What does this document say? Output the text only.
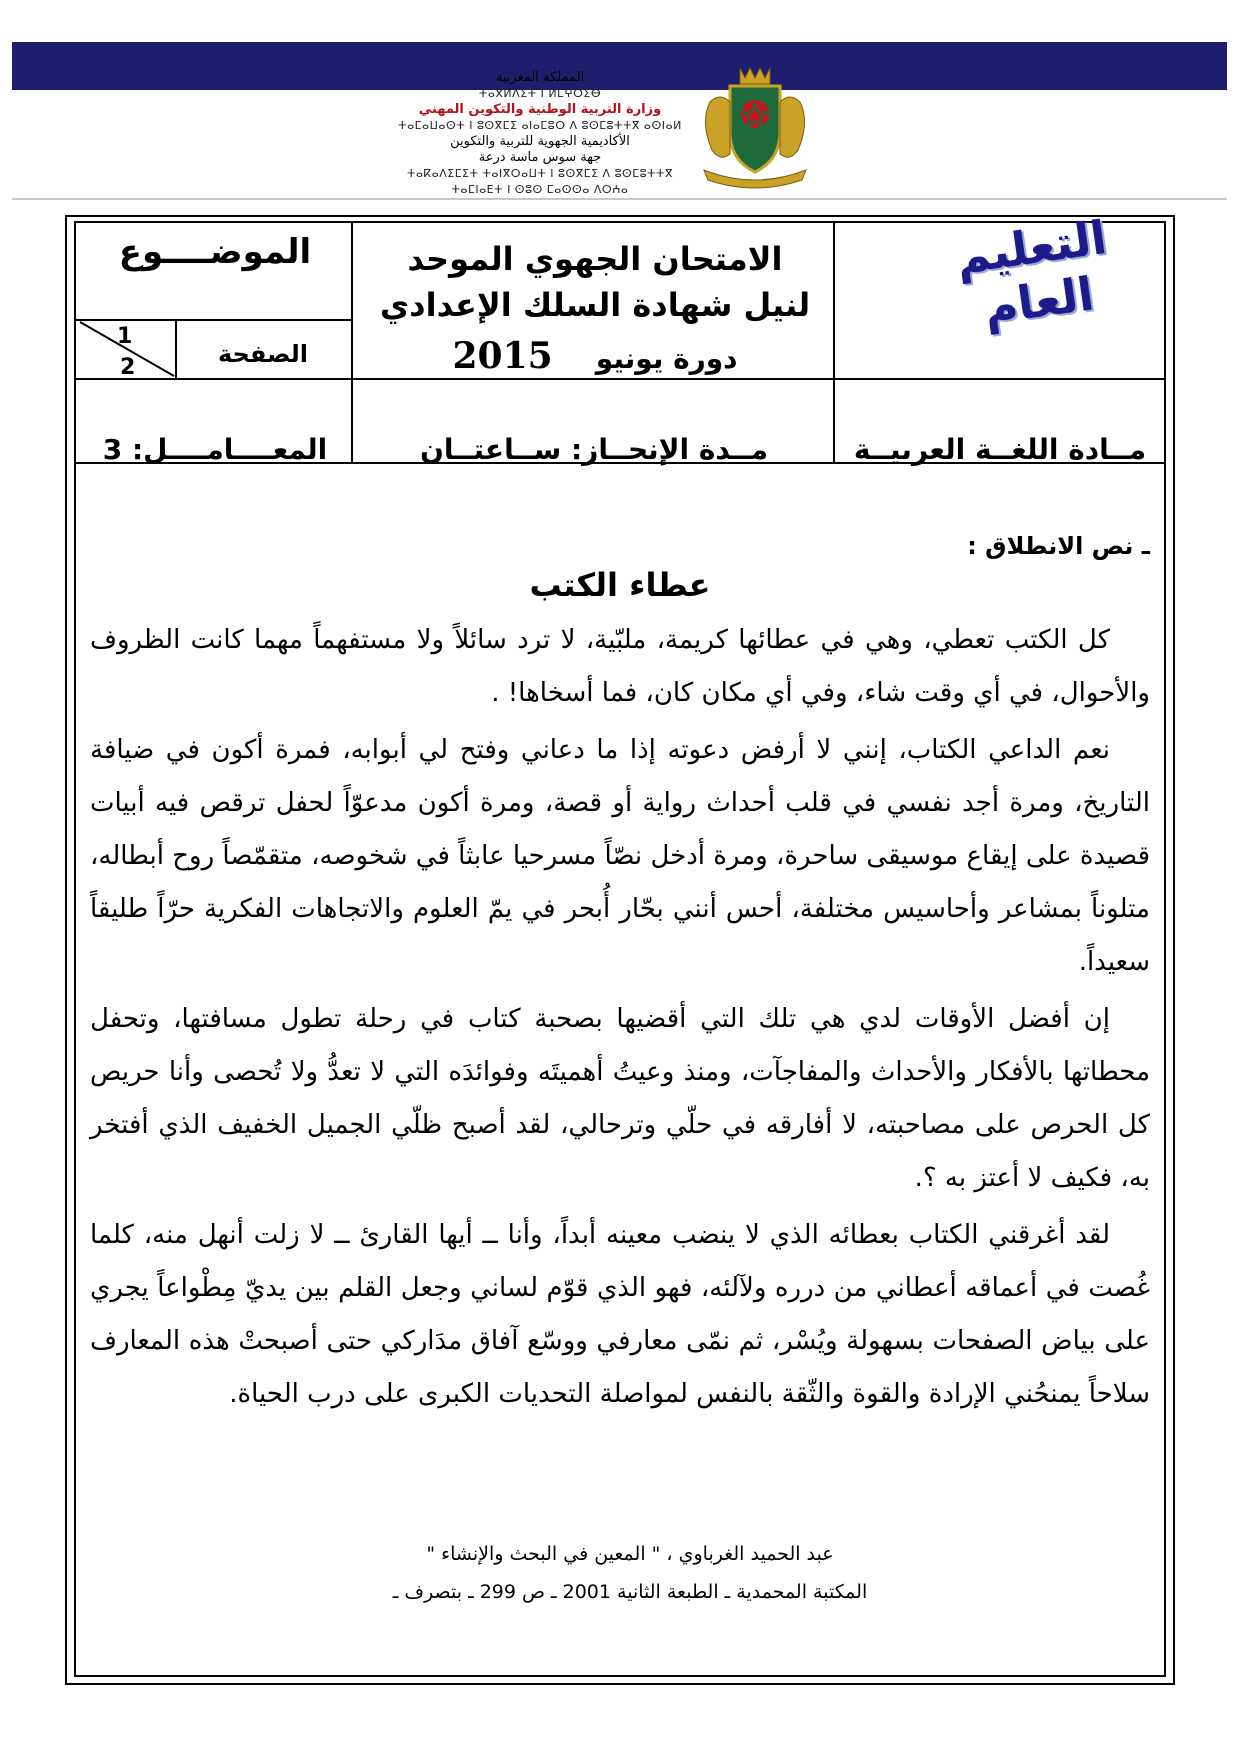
المملكة المغربية
ⵜⴰⴳⵍⴷⵉⵜ ⵏ ⵍⵎⵖⵔⵉⴱ
وزارة التربية الوطنية والتكوين المهني
ⵜⴰⵎⴰⵡⴰⵙⵜ ⵏ ⵓⵙⴳⵎⵉ ⴰⵏⴰⵎⵓⵔ ⴷ ⵓⵙⵎⵓⵜⵜⴳ ⴰⵙⵏⴰⵍ
الأكاديمية الجهوية للتربية والتكوين
جهة سوس ماسة درعة
ⵜⴰⴽⴰⴷⵉⵎⵉⵜ ⵜⴰⵏⴳⵔⴰⵡⵜ ⵏ ⵓⵙⴳⵎⵉ ⴷ ⵓⵙⵎⵓⵜⵜⴳ
ⵜⴰⵎⵏⴰⴹⵜ ⵏ ⵙⵓⵙ ⵎⴰⵙⵙⴰ ⴷⵔⵄⴰ
الموضــــوع
الصفحة
1
2
الامتحان الجهوي الموحد
لنيل شهادة السلك الإعدادي
دورة يونيو 2015
التعليم العام
المعــــامــــل: 3	مــدة الإنجــاز: ســاعتــان	مــادة اللغــة العربيــة
ـ نص الانطلاق :
عطاء الكتب

كل الكتب تعطي، وهي في عطائها كريمة، ملبّية، لا ترد سائلاً ولا مستفهماً مهما كانت الظروف والأحوال، في أي وقت شاء، وفي أي مكان كان، فما أسخاها! .

نعم الداعي الكتاب، إنني لا أرفض دعوته إذا ما دعاني وفتح لي أبوابه، فمرة أكون في ضيافة التاريخ، ومرة أجد نفسي في قلب أحداث رواية أو قصة، ومرة أكون مدعوّاً لحفل ترقص فيه أبيات قصيدة على إيقاع موسيقى ساحرة، ومرة أدخل نصّاً مسرحيا عابثاً في شخوصه، متقمّصاً روح أبطاله، متلوناً بمشاعر وأحاسيس مختلفة، أحس أنني بحّار أُبحر في يمّ العلوم والاتجاهات الفكرية حرّاً طليقاً سعيداً.

إن أفضل الأوقات لدي هي تلك التي أقضيها بصحبة كتاب في رحلة تطول مسافتها، وتحفل محطاتها بالأفكار والأحداث والمفاجآت، ومنذ وعيتُ أهميتَه وفوائدَه التي لا تعدُّ ولا تُحصى وأنا حريص كل الحرص على مصاحبته، لا أفارقه في حلّي وترحالي، لقد أصبح ظلّي الجميل الخفيف الذي أفتخر به، فكيف لا أعتز به ؟.

لقد أغرقني الكتاب بعطائه الذي لا ينضب معينه أبداً، وأنا ــ أيها القارئ ــ لا زلت أنهل منه، كلما غُصت في أعماقه أعطاني من درره ولآلئه، فهو الذي قوّم لساني وجعل القلم بين يديّ مِطْواعاً يجري على بياض الصفحات بسهولة ويُسْر، ثم نمّى معارفي ووسّع آفاق مدَاركي حتى أصبحتْ هذه المعارف سلاحاً يمنحُني الإرادة والقوة والثّقة بالنفس لمواصلة التحديات الكبرى على درب الحياة.

عبد الحميد الغرباوي ، " المعين في البحث والإنشاء "
المكتبة المحمدية ـ الطبعة الثانية 2001 ـ ص 299 ـ بتصرف ـ
